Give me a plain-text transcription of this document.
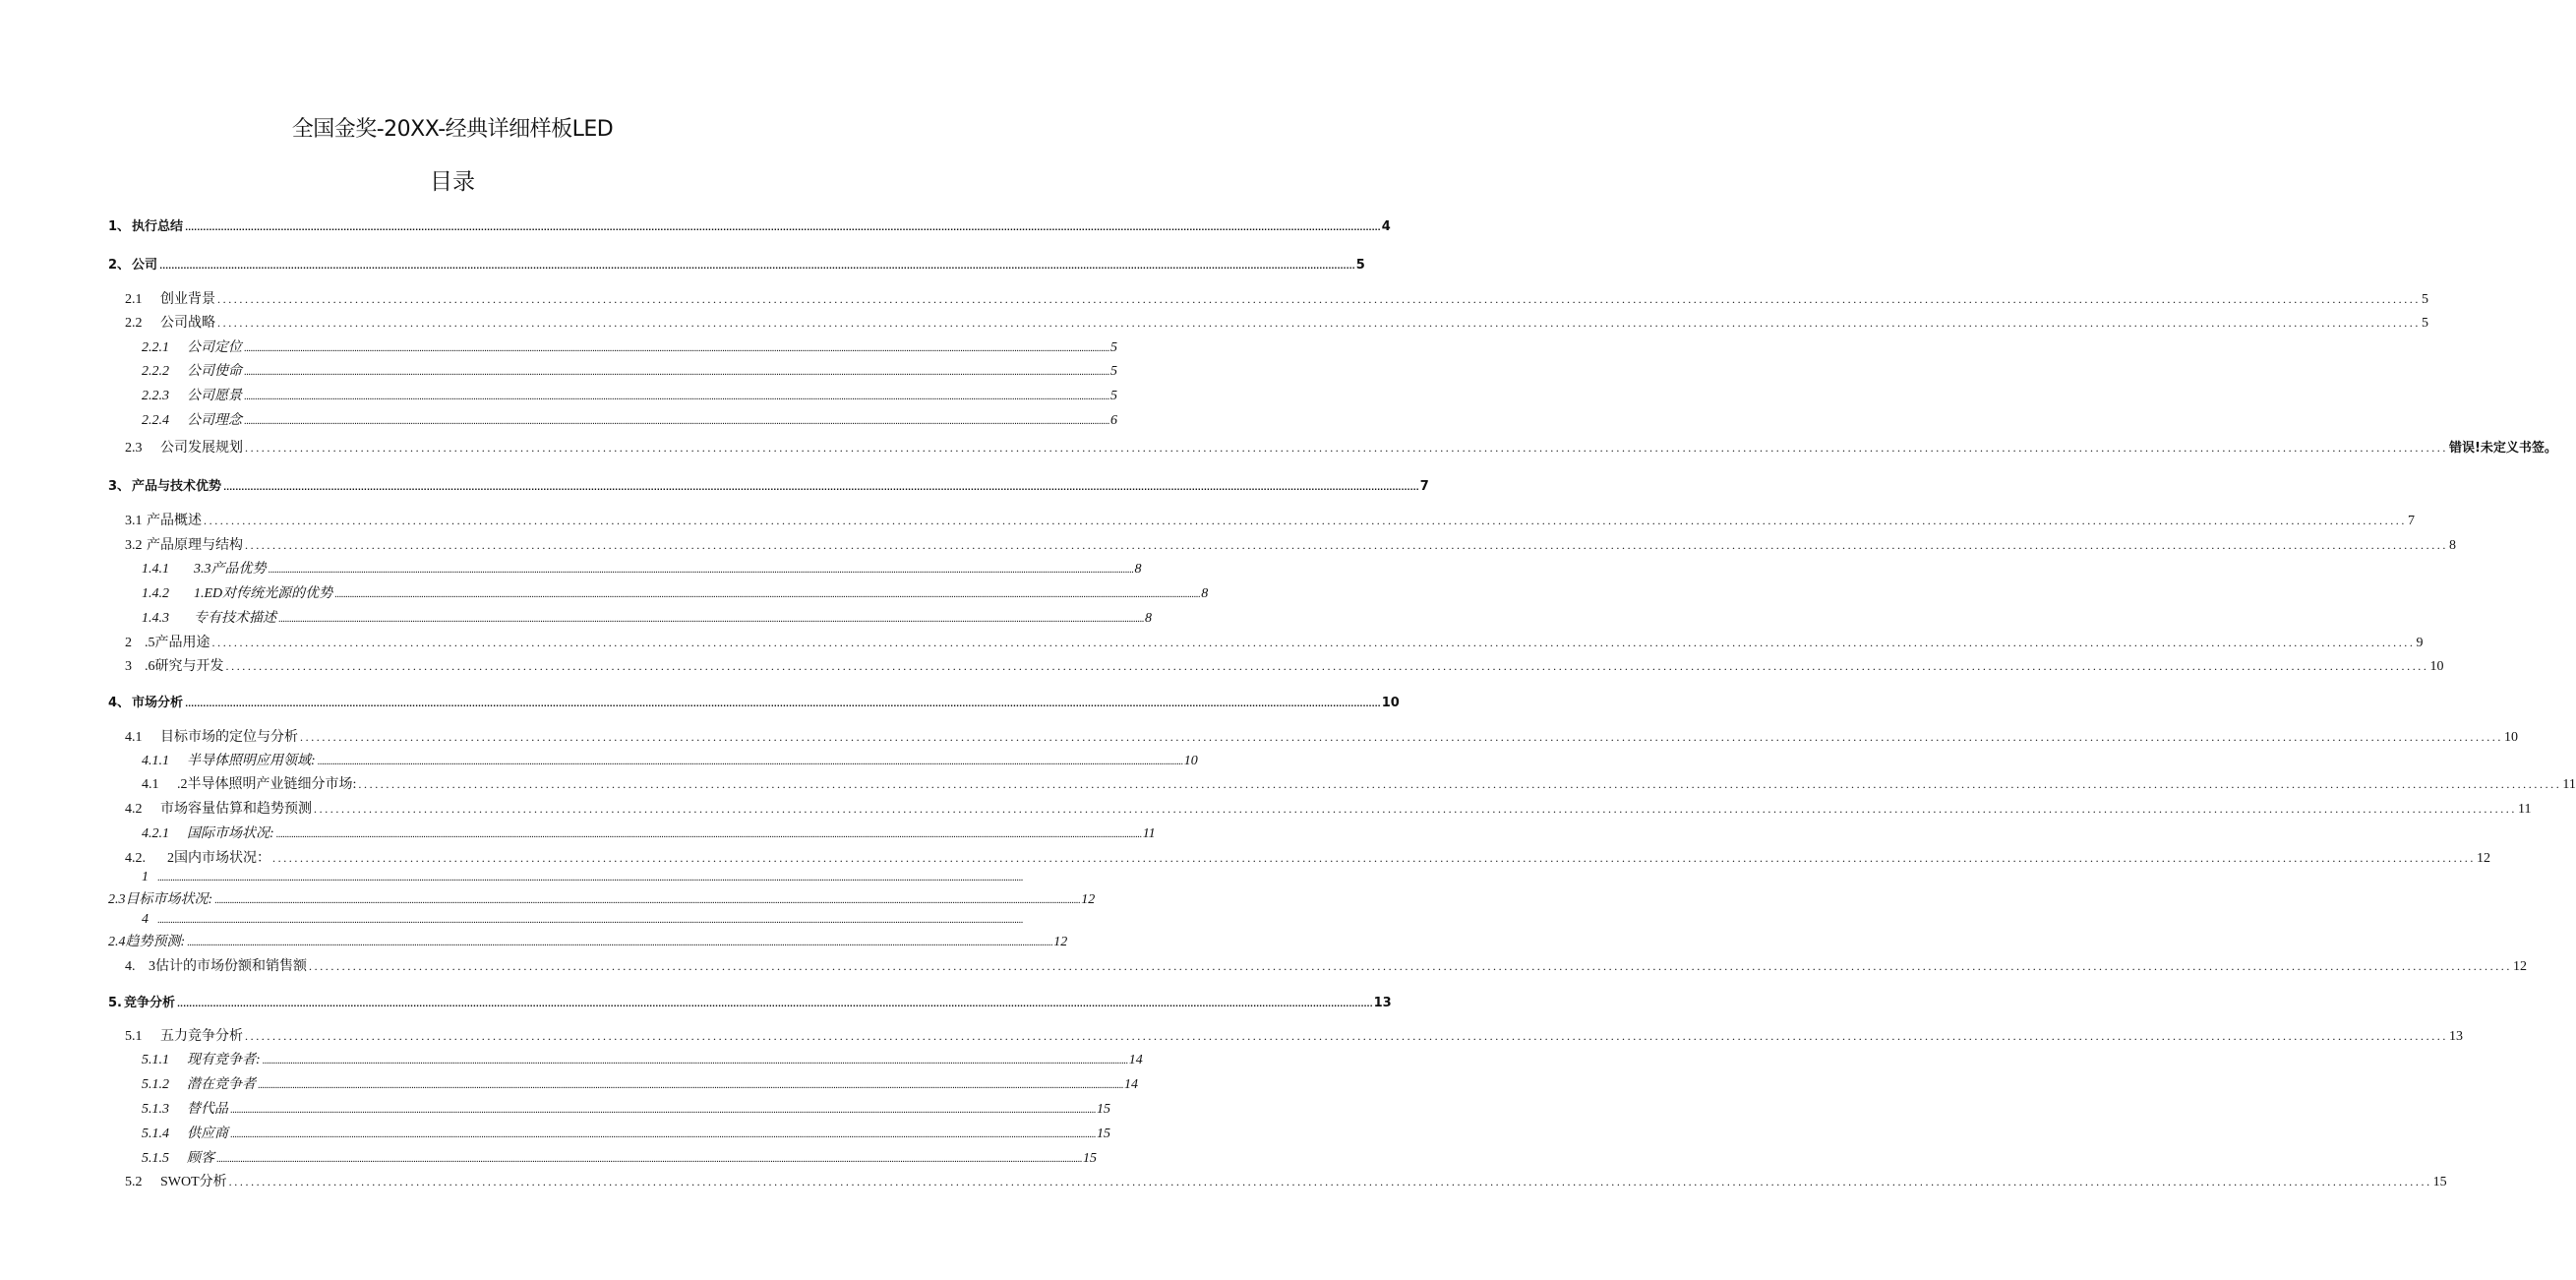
全国金奖-20XX-经典详细样板LED
目录
1、 执行总结 ................................................................................................................................................................................................................................................................................................................................................................................................................ 4
2、 公司 ................................................................................................................................................................................................................................................................................................................................................................................................................ 5
2.1	创业背景 ................................................................................................................................................................................................................................................................................................................................................................................................................ 5
2.2	公司战略 ................................................................................................................................................................................................................................................................................................................................................................................................................ 5
2.2.1	公司定位 ................................................................................................................................................................................................................................................................................................................................................................................................................ 5
2.2.2	公司使命 ................................................................................................................................................................................................................................................................................................................................................................................................................ 5
2.2.3	公司愿景 ................................................................................................................................................................................................................................................................................................................................................................................................................ 5
2.2.4	公司理念 ................................................................................................................................................................................................................................................................................................................................................................................................................ 6
2.3	公司发展规划 ................................................................................................................................................................................................................................................................................................................................................................................................................ 错误!未定义书签。
3、 产品与技术优势 ................................................................................................................................................................................................................................................................................................................................................................................................................ 7
3.1 产品概述 ................................................................................................................................................................................................................................................................................................................................................................................................................ 7
3.2 产品原理与结构 ................................................................................................................................................................................................................................................................................................................................................................................................................ 8
1.4.1	3.3产品优势 ................................................................................................................................................................................................................................................................................................................................................................................................................ 8
1.4.2	1.ED对传统光源的优势 ................................................................................................................................................................................................................................................................................................................................................................................................................ 8
1.4.3	专有技术描述 ................................................................................................................................................................................................................................................................................................................................................................................................................ 8
2 .5产品用途 ................................................................................................................................................................................................................................................................................................................................................................................................................ 9
3 .6研究与开发 ................................................................................................................................................................................................................................................................................................................................................................................................................ 10
4、 市场分析 ................................................................................................................................................................................................................................................................................................................................................................................................................ 10
4.1	目标市场的定位与分析 ................................................................................................................................................................................................................................................................................................................................................................................................................ 10
4.1.1	半导体照明应用领域: ................................................................................................................................................................................................................................................................................................................................................................................................................ 10
4.1	.2半导体照明产业链细分市场: ................................................................................................................................................................................................................................................................................................................................................................................................................ 11
4.2	市场容量估算和趋势预测 ................................................................................................................................................................................................................................................................................................................................................................................................................ 11
4.2.1	国际市场状况: ................................................................................................................................................................................................................................................................................................................................................................................................................ 11
4.2.	2国内市场状况： ................................................................................................................................................................................................................................................................................................................................................................................................................ 12
1 ................................................................................................................................................................................................................................................................................................................................................................................................................
2.3目标市场状况: ................................................................................................................................................................................................................................................................................................................................................................................................................ 12
4 ................................................................................................................................................................................................................................................................................................................................................................................................................
2.4趋势预测: ................................................................................................................................................................................................................................................................................................................................................................................................................ 12
4. 3估计的市场份额和销售额 ................................................................................................................................................................................................................................................................................................................................................................................................................ 12
5. 竞争分析 ................................................................................................................................................................................................................................................................................................................................................................................................................ 13
5.1	五力竞争分析 ................................................................................................................................................................................................................................................................................................................................................................................................................ 13
5.1.1	现有竞争者: ................................................................................................................................................................................................................................................................................................................................................................................................................ 14
5.1.2	潜在竞争者 ................................................................................................................................................................................................................................................................................................................................................................................................................ 14
5.1.3	替代品 ................................................................................................................................................................................................................................................................................................................................................................................................................ 15
5.1.4	供应商 ................................................................................................................................................................................................................................................................................................................................................................................................................ 15
5.1.5	顾客 ................................................................................................................................................................................................................................................................................................................................................................................................................ 15
5.2	SWOT分析 ................................................................................................................................................................................................................................................................................................................................................................................................................ 15
